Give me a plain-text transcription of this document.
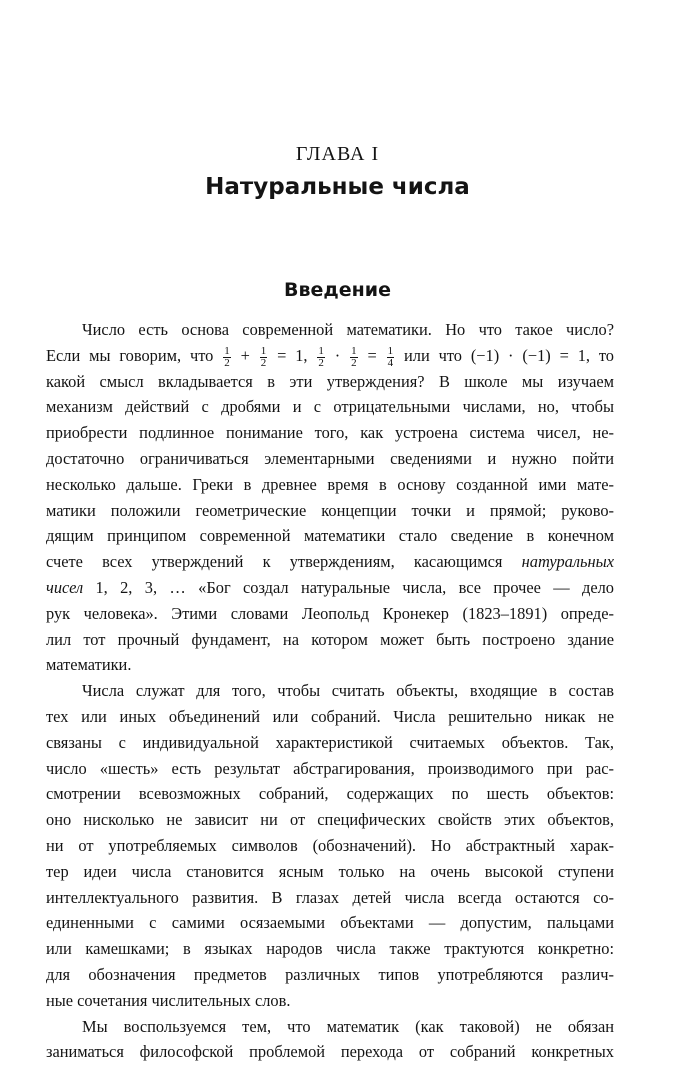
ГЛАВА I
Натуральные числа
Введение
Число есть основа современной математики. Но что такое число?
Если мы говорим, что $\frac{1}{2} + \frac{1}{2} = 1$, $\frac{1}{2} \cdot \frac{1}{2} = \frac{1}{4}$ или что (−1) · (−1) = 1, то
какой смысл вкладывается в эти утверждения? В школе мы изучаем
механизм действий с дробями и с отрицательными числами, но, чтобы
приобрести подлинное понимание того, как устроена система чисел, не-
достаточно ограничиваться элементарными сведениями и нужно пойти
несколько дальше. Греки в древнее время в основу созданной ими мате-
матики положили геометрические концепции точки и прямой; руково-
дящим принципом современной математики стало сведение в конечном
счете всех утверждений к утверждениям, касающимся натуральных
чисел 1, 2, 3, … «Бог создал натуральные числа, все прочее — дело
рук человека». Этими словами Леопольд Кронекер (1823–1891) опреде-
лил тот прочный фундамент, на котором может быть построено здание
математики.
Числа служат для того, чтобы считать объекты, входящие в состав
тех или иных объединений или собраний. Числа решительно никак не
связаны с индивидуальной характеристикой считаемых объектов. Так,
число «шесть» есть результат абстрагирования, производимого при рас-
смотрении всевозможных собраний, содержащих по шесть объектов:
оно нисколько не зависит ни от специфических свойств этих объектов,
ни от употребляемых символов (обозначений). Но абстрактный харак-
тер идеи числа становится ясным только на очень высокой ступени
интеллектуального развития. В глазах детей числа всегда остаются со-
единенными с самими осязаемыми объектами — допустим, пальцами
или камешками; в языках народов числа также трактуются конкретно:
для обозначения предметов различных типов употребляются различ-
ные сочетания числительных слов.
Мы воспользуемся тем, что математик (как таковой) не обязан
заниматься философской проблемой перехода от собраний конкретных
